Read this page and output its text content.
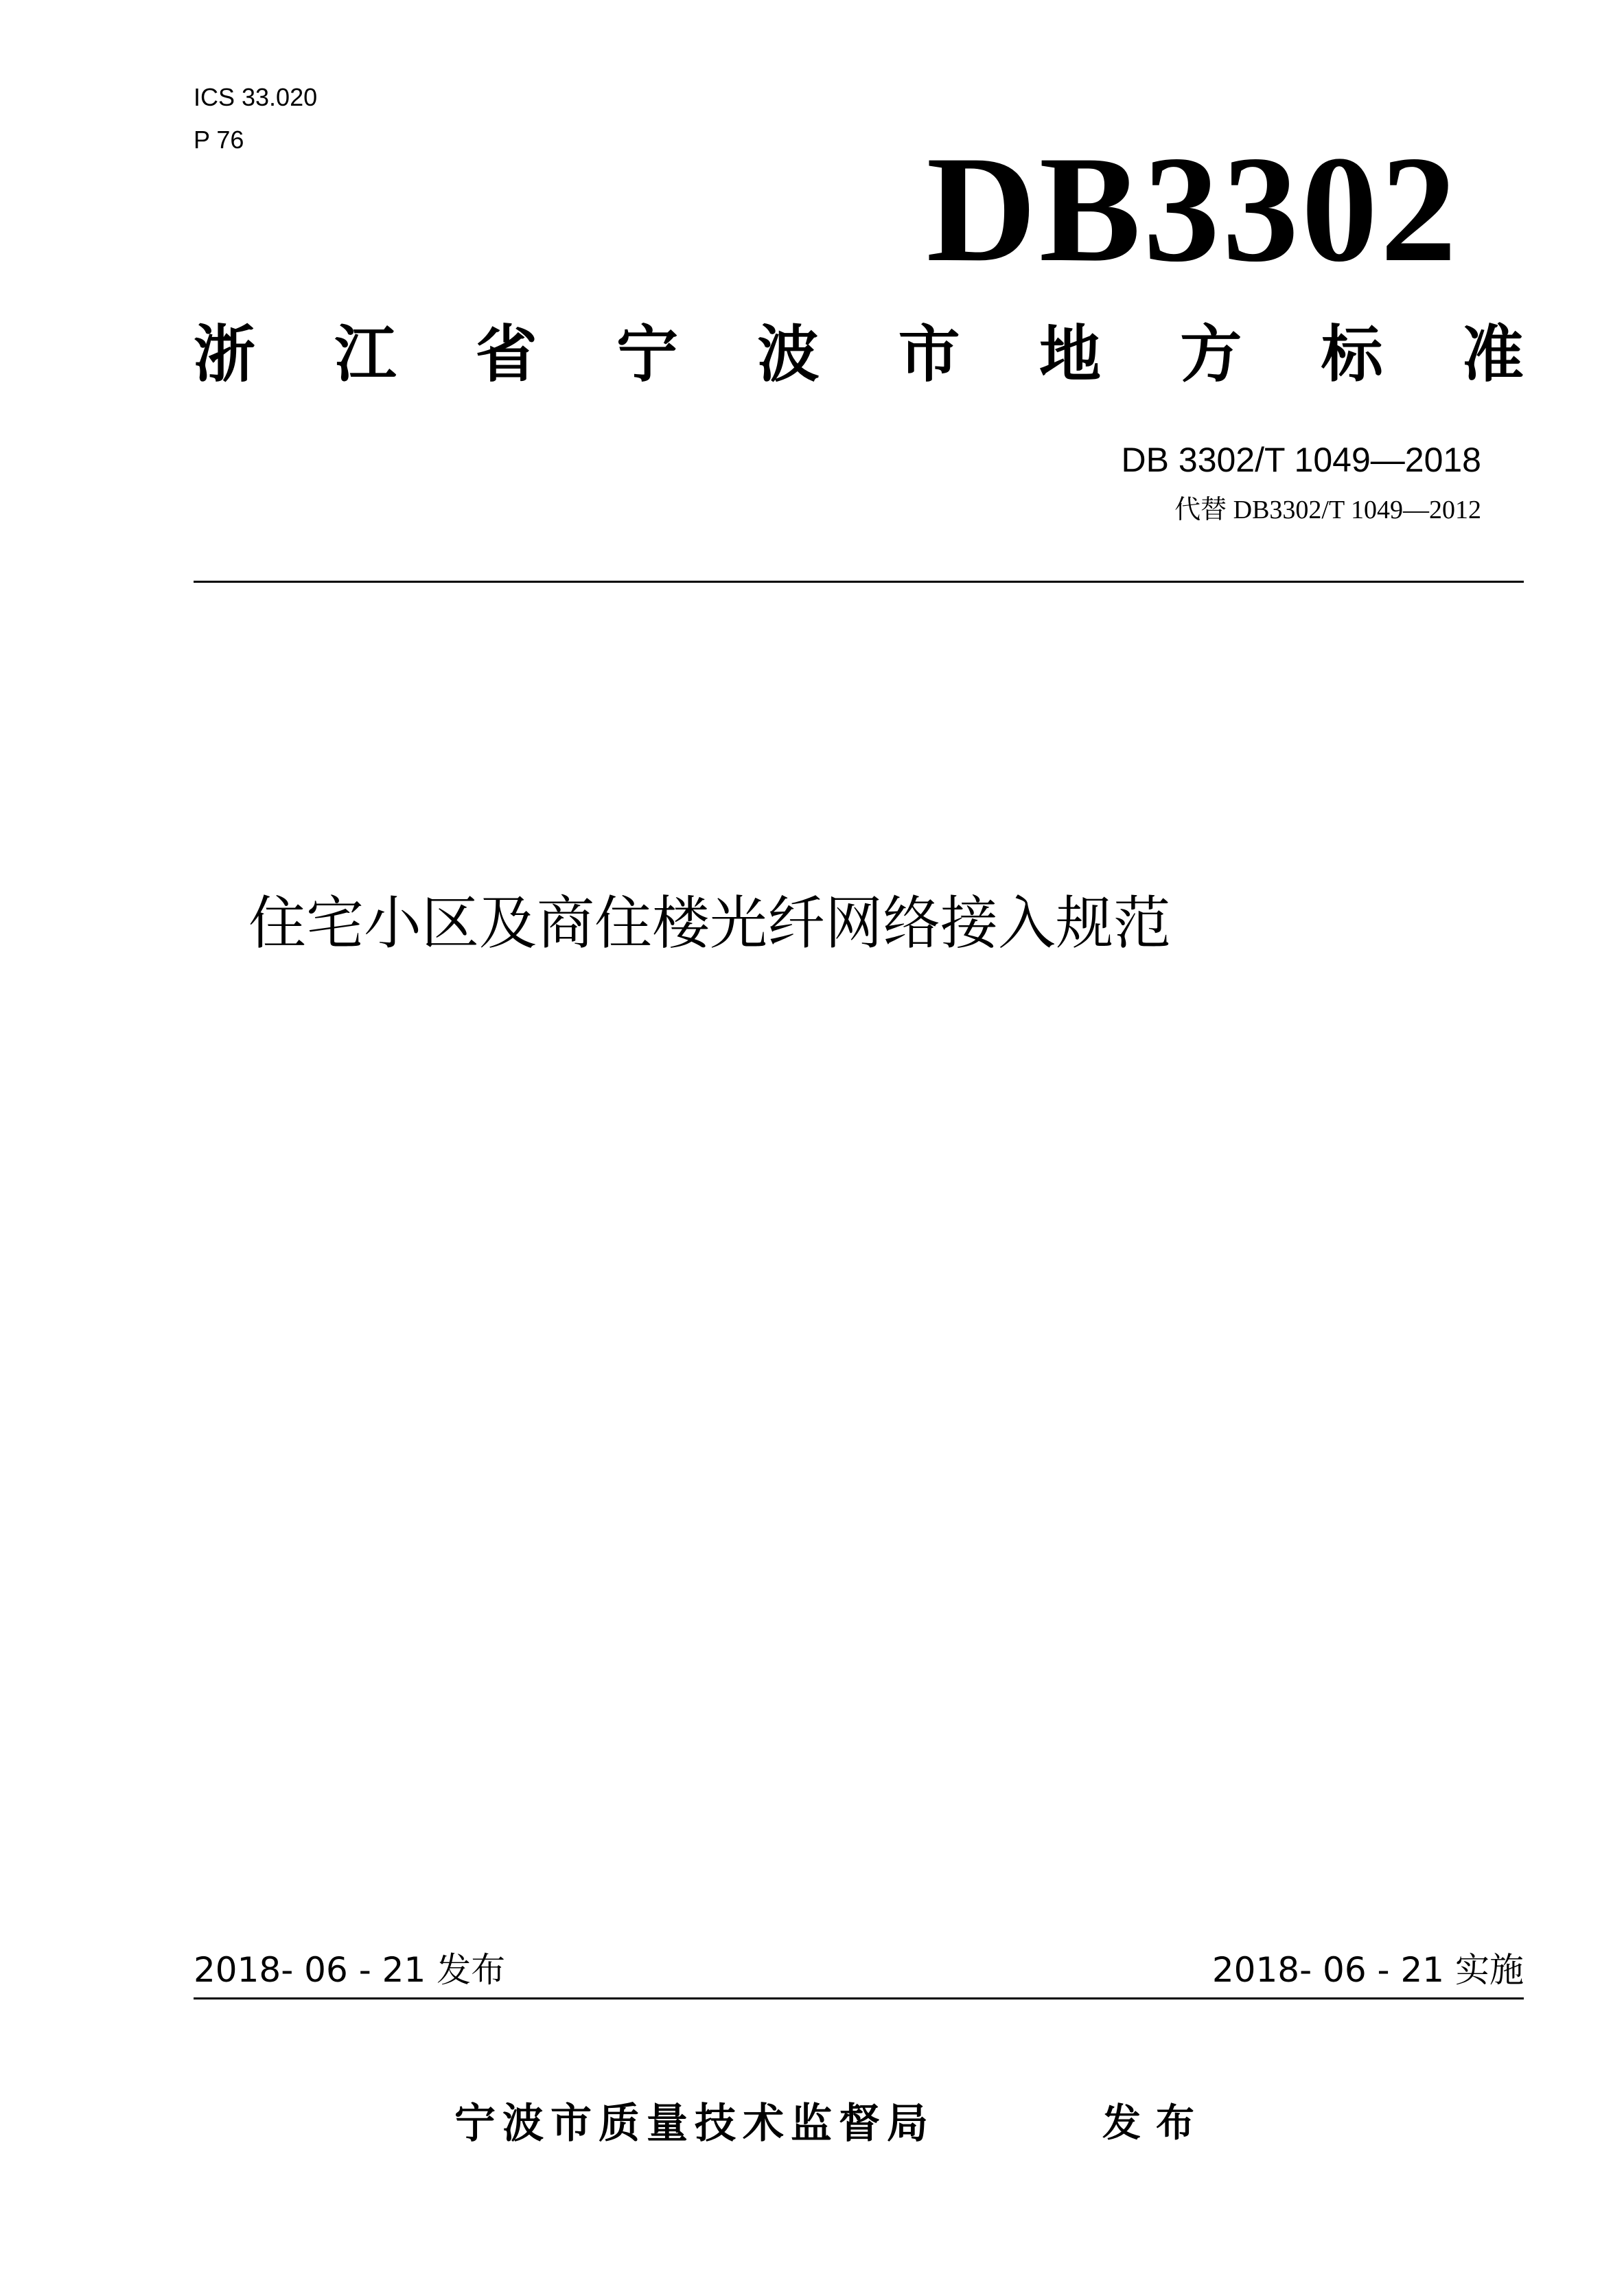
ICS 33.020
P 76	DB3302
浙 江 省 宁 波 市 地 方 标 准
DB 3302/T 1049—2018
代替 DB3302/T 1049—2012
住宅小区及商住楼光纤网络接入规范
2018- 06 - 21 发布	2018- 06 - 21 实施
宁波市质量技术监督局	发布
